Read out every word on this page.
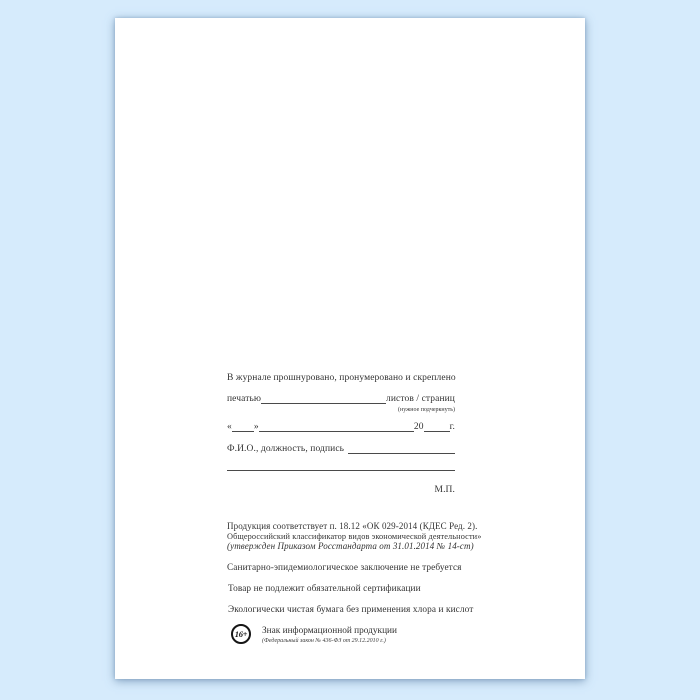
В журнале прошнуровано, пронумеровано и скреплено
печатью	листов / страниц
(нужное подчеркнуть)
« »	20	г.
Ф.И.О., должность, подпись
М.П.
Продукция соответствует п. 18.12 «ОК 029-2014 (КДЕС Ред. 2).
Общероссийский классификатор видов экономической деятельности»
(утвержден Приказом Росстандарта от 31.01.2014 № 14-ст)
Санитарно-эпидемиологическое заключение не требуется
Товар не подлежит обязательной сертификации
Экологически чистая бумага без применения хлора и кислот
16+ Знак информационной продукции
(Федеральный закон № 436-ФЗ от 29.12.2010 г.)
